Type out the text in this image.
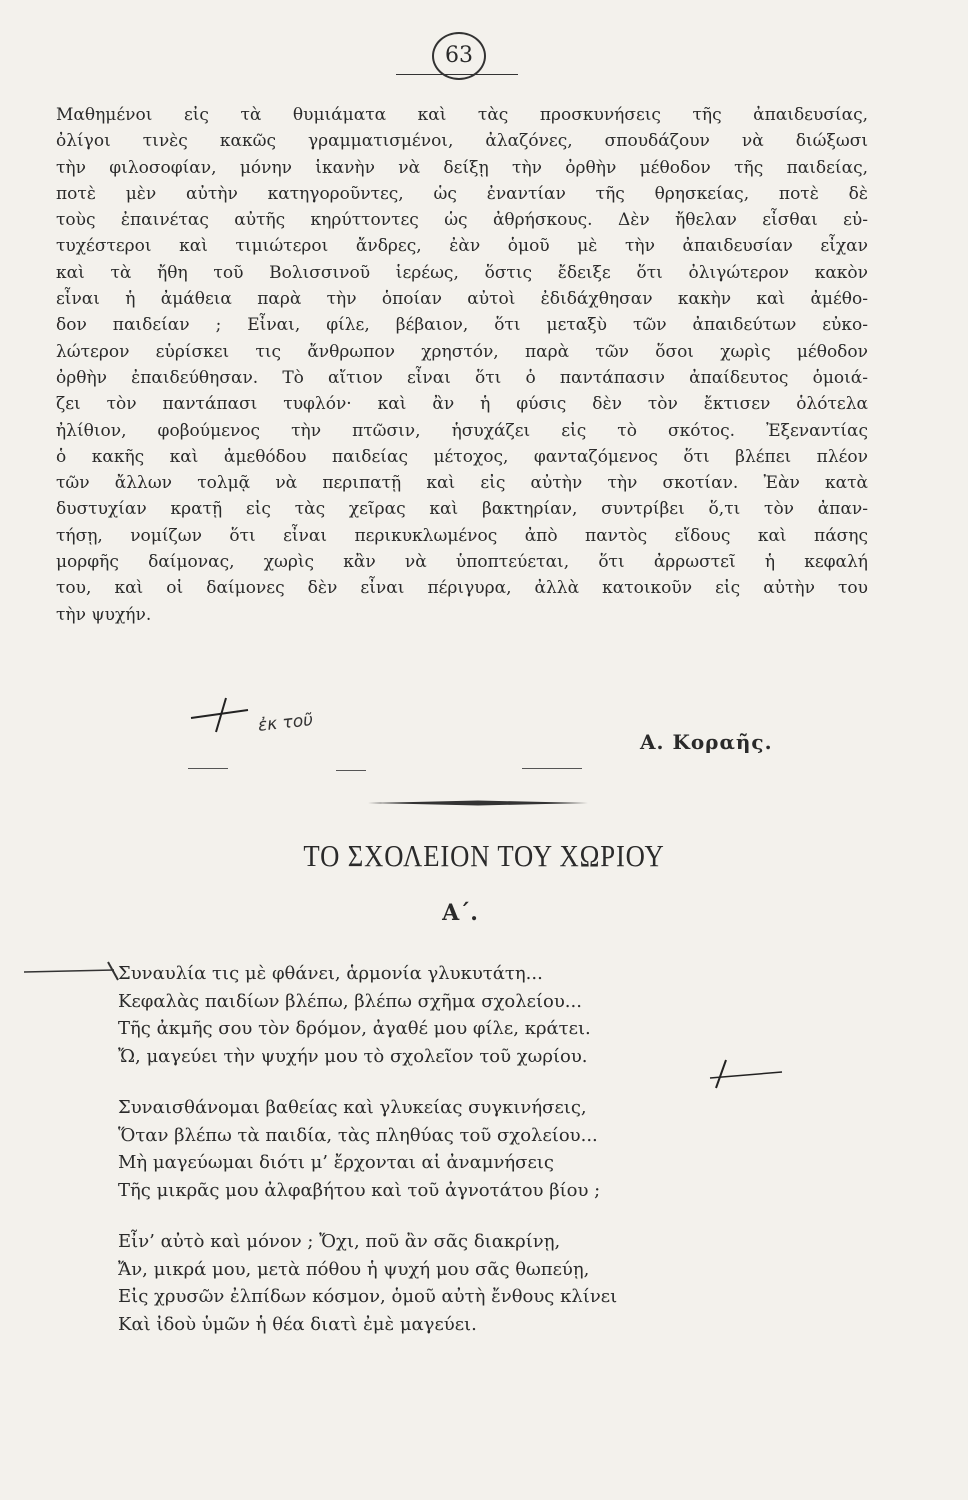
63
Μαθημένοι εἰς τὰ θυμιάματα καὶ τὰς προσκυνήσεις τῆς ἀπαιδευσίας,
ὀλίγοι τινὲς κακῶς γραμματισμένοι, ἀλαζόνες, σπουδάζουν νὰ διώξωσι
τὴν φιλοσοφίαν, μόνην ἱκανὴν νὰ δείξῃ τὴν ὀρθὴν μέθοδον τῆς παιδείας,
ποτὲ μὲν αὐτὴν κατηγοροῦντες, ὡς ἐναντίαν τῆς θρησκείας, ποτὲ δὲ
τοὺς ἐπαινέτας αὐτῆς κηρύττοντες ὡς ἀθρήσκους. Δὲν ἤθελαν εἶσθαι εὐ-
τυχέστεροι καὶ τιμιώτεροι ἄνδρες, ἐὰν ὁμοῦ μὲ τὴν ἀπαιδευσίαν εἶχαν
καὶ τὰ ἤθη τοῦ Βολισσινοῦ ἱερέως, ὅστις ἔδειξε ὅτι ὀλιγώτερον κακὸν
εἶναι ἡ ἀμάθεια παρὰ τὴν ὁποίαν αὐτοὶ ἐδιδάχθησαν κακὴν καὶ ἀμέθο-
δον παιδείαν ; Εἶναι, φίλε, βέβαιον, ὅτι μεταξὺ τῶν ἀπαιδεύτων εὐκο-
λώτερον εὑρίσκει τις ἄνθρωπον χρηστόν, παρὰ τῶν ὅσοι χωρὶς μέθοδον
ὀρθὴν ἐπαιδεύθησαν. Τὸ αἴτιον εἶναι ὅτι ὁ παντάπασιν ἀπαίδευτος ὁμοιά-
ζει τὸν παντάπασι τυφλόν· καὶ ἂν ἡ φύσις δὲν τὸν ἔκτισεν ὁλότελα
ἠλίθιον, φοβούμενος τὴν πτῶσιν, ἡσυχάζει εἰς τὸ σκότος. Ἐξεναντίας
ὁ κακῆς καὶ ἀμεθόδου παιδείας μέτοχος, φανταζόμενος ὅτι βλέπει πλέον
τῶν ἄλλων τολμᾷ νὰ περιπατῇ καὶ εἰς αὐτὴν τὴν σκοτίαν. Ἐὰν κατὰ
δυστυχίαν κρατῇ εἰς τὰς χεῖρας καὶ βακτηρίαν, συντρίβει ὅ,τι τὸν ἀπαν-
τήσῃ, νομίζων ὅτι εἶναι περικυκλωμένος ἀπὸ παντὸς εἴδους καὶ πάσης
μορφῆς δαίμονας, χωρὶς κἂν νὰ ὑποπτεύεται, ὅτι ἀρρωστεῖ ἡ κεφαλή
του, καὶ οἱ δαίμονες δὲν εἶναι πέριγυρα, ἀλλὰ κατοικοῦν εἰς αὐτὴν του
τὴν ψυχήν.
ἐκ τοῦ
Α. Κοραῆς.
ΤΟ ΣΧΟΛΕΙΟΝ ΤΟΥ ΧΩΡΙΟΥ
Α΄.
Συναυλία τις μὲ φθάνει, ἁρμονία γλυκυτάτη...
Κεφαλὰς παιδίων βλέπω, βλέπω σχῆμα σχολείου...
Τῆς ἀκμῆς σου τὸν δρόμον, ἀγαθέ μου φίλε, κράτει.
Ὤ, μαγεύει τὴν ψυχήν μου τὸ σχολεῖον τοῦ χωρίου.
Συναισθάνομαι βαθείας καὶ γλυκείας συγκινήσεις,
Ὅταν βλέπω τὰ παιδία, τὰς πληθύας τοῦ σχολείου...
Μὴ μαγεύωμαι διότι μ’ ἔρχονται αἱ ἀναμνήσεις
Τῆς μικρᾶς μου ἀλφαβήτου καὶ τοῦ ἀγνοτάτου βίου ;
Εἶν’ αὐτὸ καὶ μόνον ; Ὄχι, ποῦ ἂν σᾶς διακρίνῃ,
Ἄν, μικρά μου, μετὰ πόθου ἡ ψυχή μου σᾶς θωπεύῃ,
Εἰς χρυσῶν ἐλπίδων κόσμον, ὁμοῦ αὐτὴ ἔνθους κλίνει
Καὶ ἰδοὺ ὑμῶν ἡ θέα διατὶ ἐμὲ μαγεύει.
